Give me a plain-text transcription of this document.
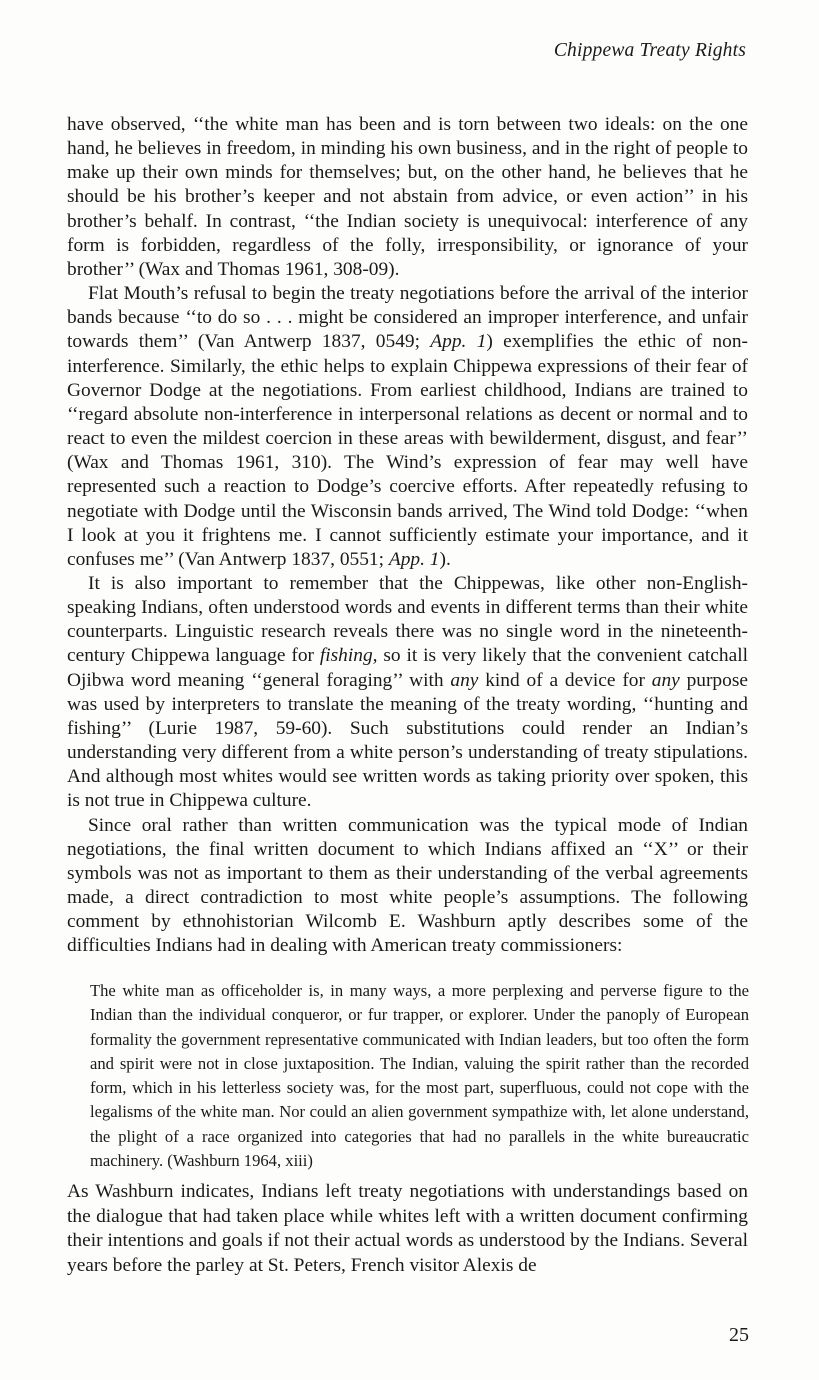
Chippewa Treaty Rights

have observed, ‘‘the white man has been and is torn between two ideals: on the one hand, he believes in freedom, in minding his own business, and in the right of people to make up their own minds for themselves; but, on the other hand, he believes that he should be his brother’s keeper and not abstain from advice, or even action’’ in his brother’s behalf. In contrast, ‘‘the Indian society is unequivocal: interference of any form is forbidden, regardless of the folly, irresponsibility, or ignorance of your brother’’ (Wax and Thomas 1961, 308-09).

Flat Mouth’s refusal to begin the treaty negotiations before the arrival of the interior bands because ‘‘to do so . . . might be considered an improper interference, and unfair towards them’’ (Van Antwerp 1837, 0549; App. 1) exemplifies the ethic of non-interference. Similarly, the ethic helps to explain Chippewa expressions of their fear of Governor Dodge at the negotiations. From earliest childhood, Indians are trained to ‘‘regard absolute non-interference in interpersonal relations as decent or normal and to react to even the mildest coercion in these areas with bewilderment, disgust, and fear’’ (Wax and Thomas 1961, 310). The Wind’s expression of fear may well have represented such a reaction to Dodge’s coercive efforts. After repeatedly refusing to negotiate with Dodge until the Wisconsin bands arrived, The Wind told Dodge: ‘‘when I look at you it frightens me. I cannot sufficiently estimate your importance, and it confuses me’’ (Van Antwerp 1837, 0551; App. 1).

It is also important to remember that the Chippewas, like other non-English-speaking Indians, often understood words and events in different terms than their white counterparts. Linguistic research reveals there was no single word in the nineteenth-century Chippewa language for fishing, so it is very likely that the convenient catchall Ojibwa word meaning ‘‘general foraging’’ with any kind of a device for any purpose was used by interpreters to translate the meaning of the treaty wording, ‘‘hunting and fishing’’ (Lurie 1987, 59-60). Such substitutions could render an Indian’s understanding very different from a white person’s understanding of treaty stipulations. And although most whites would see written words as taking priority over spoken, this is not true in Chippewa culture.

Since oral rather than written communication was the typical mode of Indian negotiations, the final written document to which Indians affixed an ‘‘X’’ or their symbols was not as important to them as their understanding of the verbal agreements made, a direct contradiction to most white people’s assumptions. The following comment by ethnohistorian Wilcomb E. Washburn aptly describes some of the difficulties Indians had in dealing with American treaty commissioners:

The white man as officeholder is, in many ways, a more perplexing and perverse figure to the Indian than the individual conqueror, or fur trapper, or explorer. Under the panoply of European formality the government representative communicated with Indian leaders, but too often the form and spirit were not in close juxtaposition. The Indian, valuing the spirit rather than the recorded form, which in his letterless society was, for the most part, superfluous, could not cope with the legalisms of the white man. Nor could an alien government sympathize with, let alone understand, the plight of a race organized into categories that had no parallels in the white bureaucratic machinery. (Washburn 1964, xiii)

As Washburn indicates, Indians left treaty negotiations with understandings based on the dialogue that had taken place while whites left with a written document confirming their intentions and goals if not their actual words as understood by the Indians. Several years before the parley at St. Peters, French visitor Alexis de

25
